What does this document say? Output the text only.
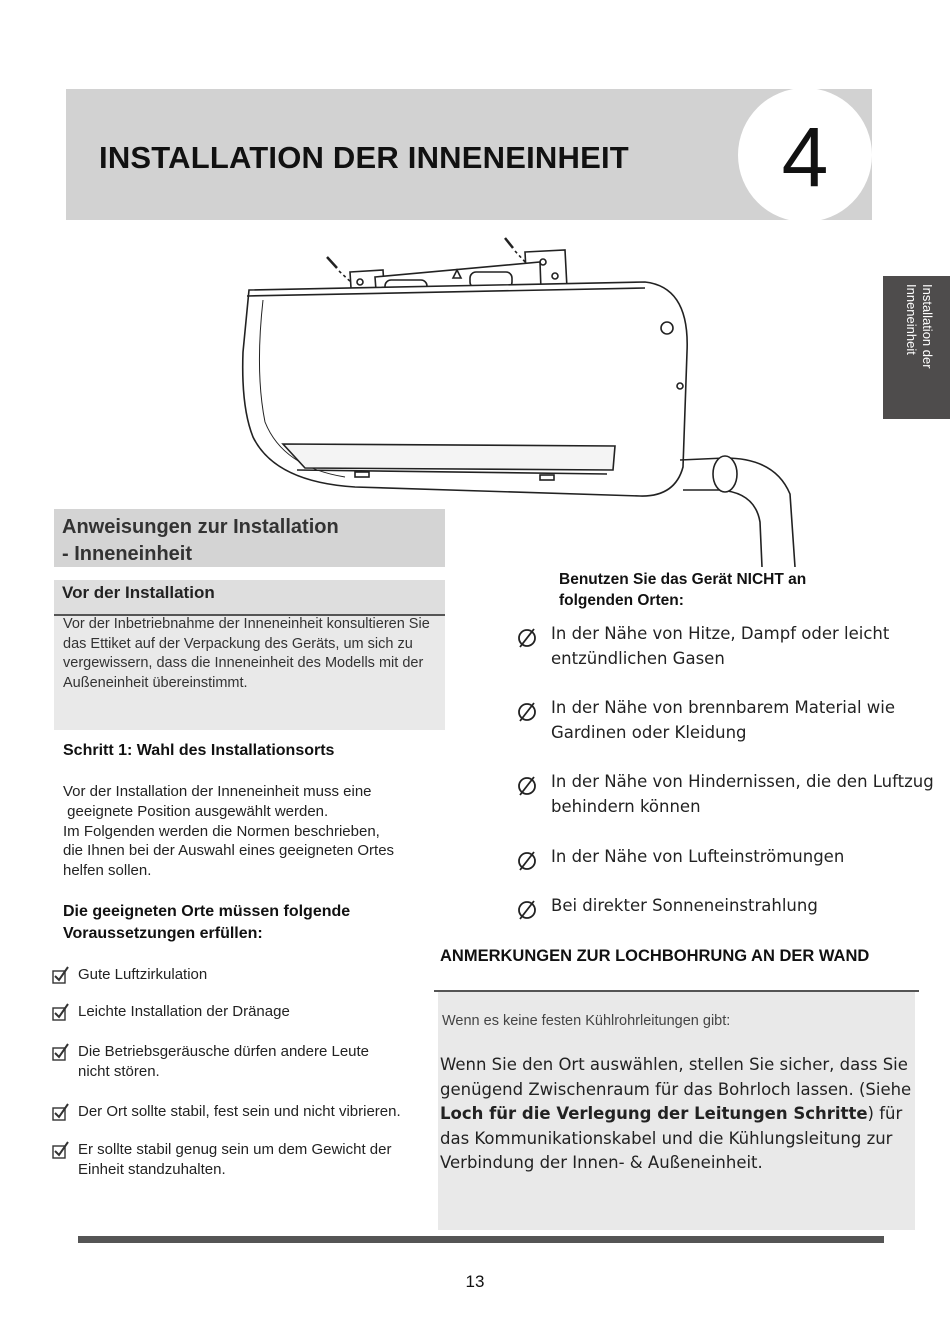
INSTALLATION DER INNENEINHEIT 4
Installation der Inneneinheit
Anweisungen zur Installation
- Inneneinheit
Vor der Installation
Vor der Inbetriebnahme der Inneneinheit konsultieren Sie das Ettiket auf der Verpackung des Geräts, um sich zu vergewissern, dass die Inneneinheit des Modells mit der Außeneinheit übereinstimmt.
Schritt 1: Wahl des Installationsorts
Vor der Installation der Inneneinheit muss eine
geeignete Position ausgewählt werden.
Im Folgenden werden die Normen beschrieben,
die Ihnen bei der Auswahl eines geeigneten Ortes
helfen sollen.
Die geeigneten Orte müssen folgende Voraussetzungen erfüllen:
Gute Luftzirkulation
Leichte Installation der Dränage
Die Betriebsgeräusche dürfen andere Leute nicht stören.
Der Ort sollte stabil, fest sein und nicht vibrieren.
Er sollte stabil genug sein um dem Gewicht der Einheit standzuhalten.
Benutzen Sie das Gerät NICHT an folgenden Orten:
In der Nähe von Hitze, Dampf oder leicht entzündlichen Gasen
In der Nähe von brennbarem Material wie Gardinen oder Kleidung
In der Nähe von Hindernissen, die den Luftzug behindern können
In der Nähe von Lufteinströmungen
Bei direkter Sonneneinstrahlung
ANMERKUNGEN ZUR LOCHBOHRUNG AN DER WAND
Wenn es keine festen Kühlrohrleitungen gibt:
Wenn Sie den Ort auswählen, stellen Sie sicher, dass Sie genügend Zwischenraum für das Bohrloch lassen. (Siehe Loch für die Verlegung der Leitungen Schritte) für das Kommunikationskabel und die Kühlungsleitung zur Verbindung der Innen- & Außeneinheit.
13
